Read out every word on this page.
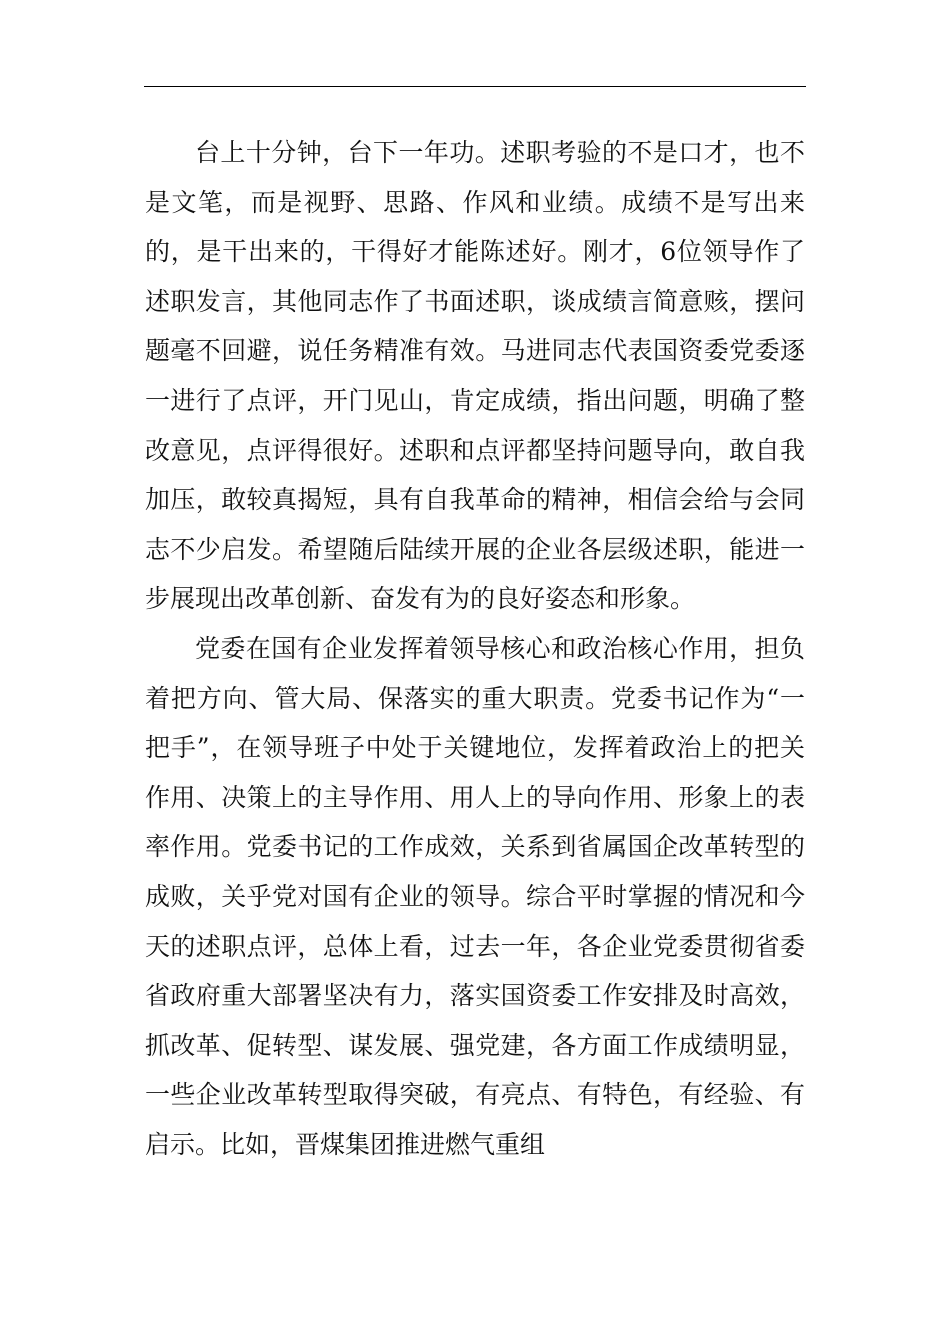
台上十分钟，台下一年功。述职考验的不是口才，也不是文笔，而是视野、思路、作风和业绩。成绩不是写出来的，是干出来的，干得好才能陈述好。刚才，6位领导作了述职发言，其他同志作了书面述职，谈成绩言简意赅，摆问题毫不回避，说任务精准有效。马进同志代表国资委党委逐一进行了点评，开门见山，肯定成绩，指出问题，明确了整改意见，点评得很好。述职和点评都坚持问题导向，敢自我加压，敢较真揭短，具有自我革命的精神，相信会给与会同志不少启发。希望随后陆续开展的企业各层级述职，能进一步展现出改革创新、奋发有为的良好姿态和形象。

党委在国有企业发挥着领导核心和政治核心作用，担负着把方向、管大局、保落实的重大职责。党委书记作为“一把手”，在领导班子中处于关键地位，发挥着政治上的把关作用、决策上的主导作用、用人上的导向作用、形象上的表率作用。党委书记的工作成效，关系到省属国企改革转型的成败，关乎党对国有企业的领导。综合平时掌握的情况和今天的述职点评，总体上看，过去一年，各企业党委贯彻省委省政府重大部署坚决有力，落实国资委工作安排及时高效，抓改革、促转型、谋发展、强党建，各方面工作成绩明显，一些企业改革转型取得突破，有亮点、有特色，有经验、有启示。比如，晋煤集团推进燃气重组
